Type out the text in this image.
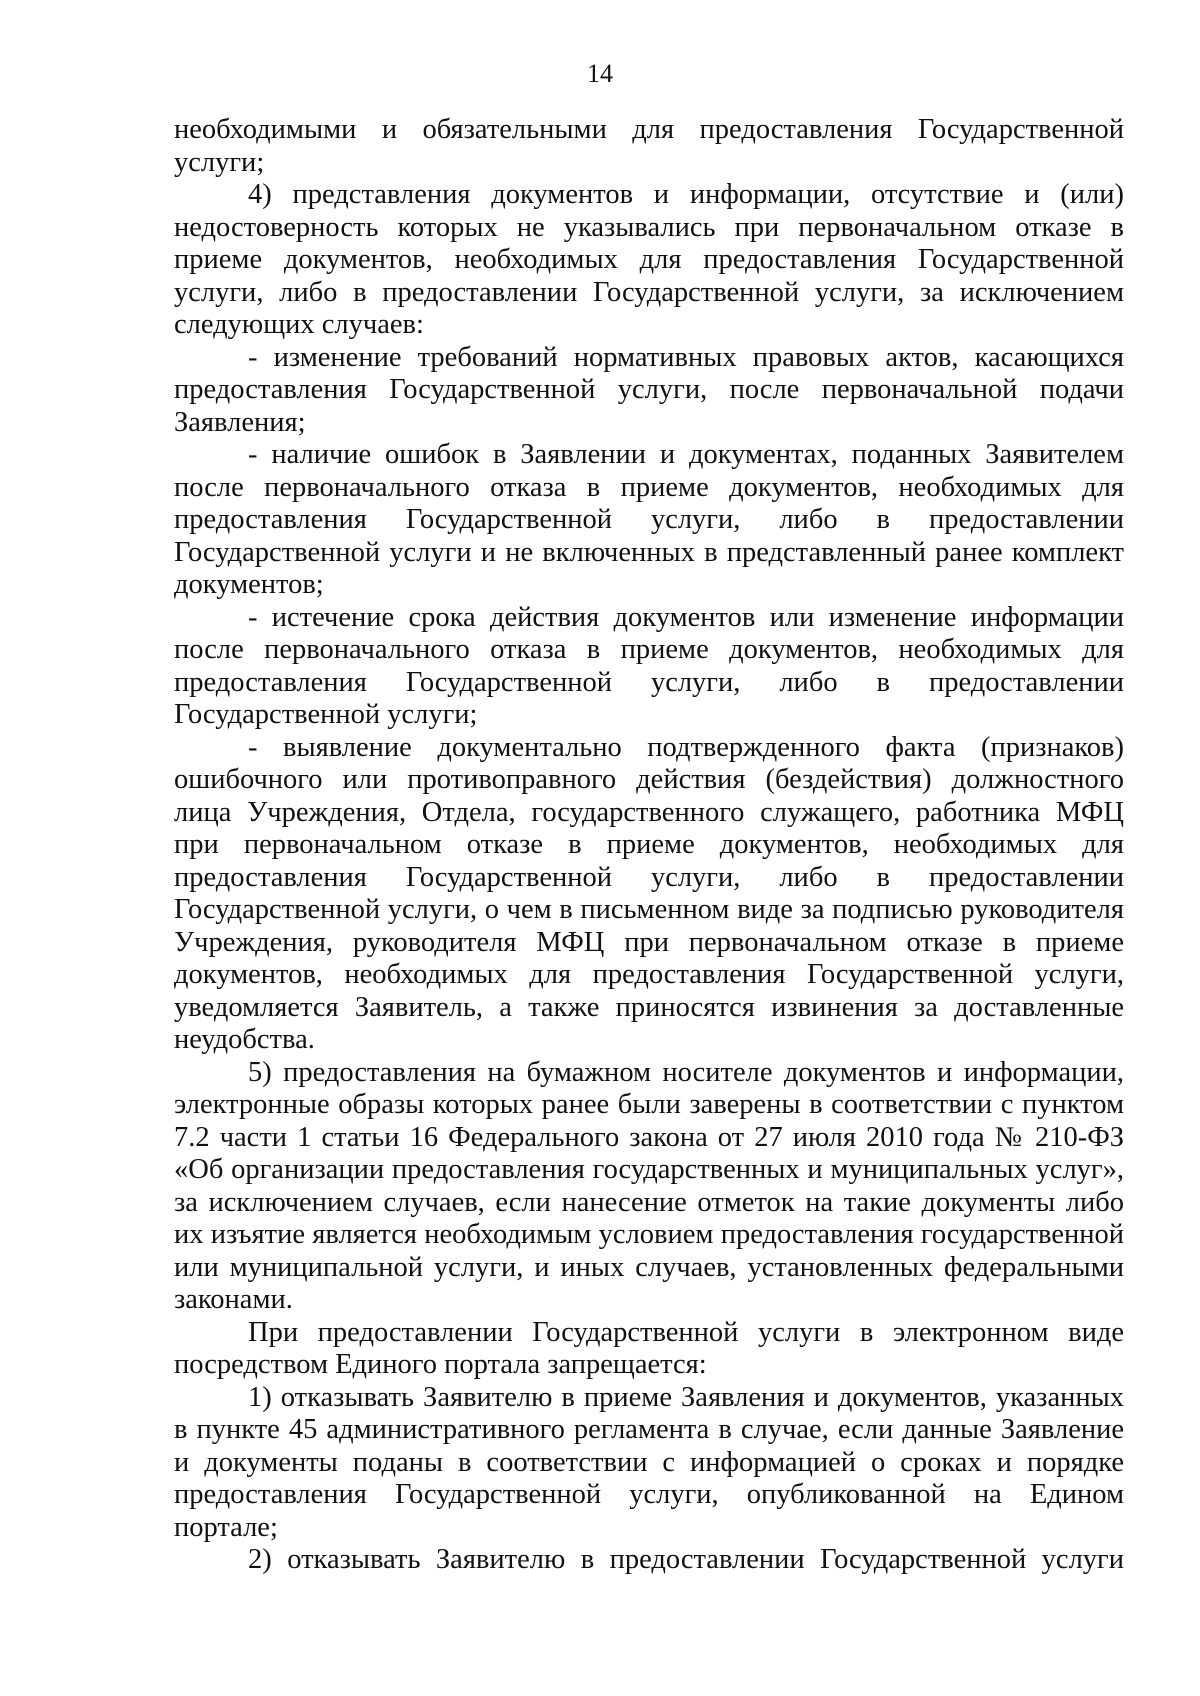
14

необходимыми и обязательными для предоставления Государственной услуги;

4) представления документов и информации, отсутствие и (или) недостоверность которых не указывались при первоначальном отказе в приеме документов, необходимых для предоставления Государственной услуги, либо в предоставлении Государственной услуги, за исключением следующих случаев:

- изменение требований нормативных правовых актов, касающихся предоставления Государственной услуги, после первоначальной подачи Заявления;

- наличие ошибок в Заявлении и документах, поданных Заявителем после первоначального отказа в приеме документов, необходимых для предоставления Государственной услуги, либо в предоставлении Государственной услуги и не включенных в представленный ранее комплект документов;

- истечение срока действия документов или изменение информации после первоначального отказа в приеме документов, необходимых для предоставления Государственной услуги, либо в предоставлении Государственной услуги;

- выявление документально подтвержденного факта (признаков) ошибочного или противоправного действия (бездействия) должностного лица Учреждения, Отдела, государственного служащего, работника МФЦ при первоначальном отказе в приеме документов, необходимых для предоставления Государственной услуги, либо в предоставлении Государственной услуги, о чем в письменном виде за подписью руководителя Учреждения, руководителя МФЦ при первоначальном отказе в приеме документов, необходимых для предоставления Государственной услуги, уведомляется Заявитель, а также приносятся извинения за доставленные неудобства.

5) предоставления на бумажном носителе документов и информации, электронные образы которых ранее были заверены в соответствии с пунктом 7.2 части 1 статьи 16 Федерального закона от 27 июля 2010 года № 210-ФЗ «Об организации предоставления государственных и муниципальных услуг», за исключением случаев, если нанесение отметок на такие документы либо их изъятие является необходимым условием предоставления государственной или муниципальной услуги, и иных случаев, установленных федеральными законами.

При предоставлении Государственной услуги в электронном виде посредством Единого портала запрещается:

1) отказывать Заявителю в приеме Заявления и документов, указанных в пункте 45 административного регламента в случае, если данные Заявление и документы поданы в соответствии с информацией о сроках и порядке предоставления Государственной услуги, опубликованной на Едином портале;

2) отказывать Заявителю в предоставлении Государственной услуги
